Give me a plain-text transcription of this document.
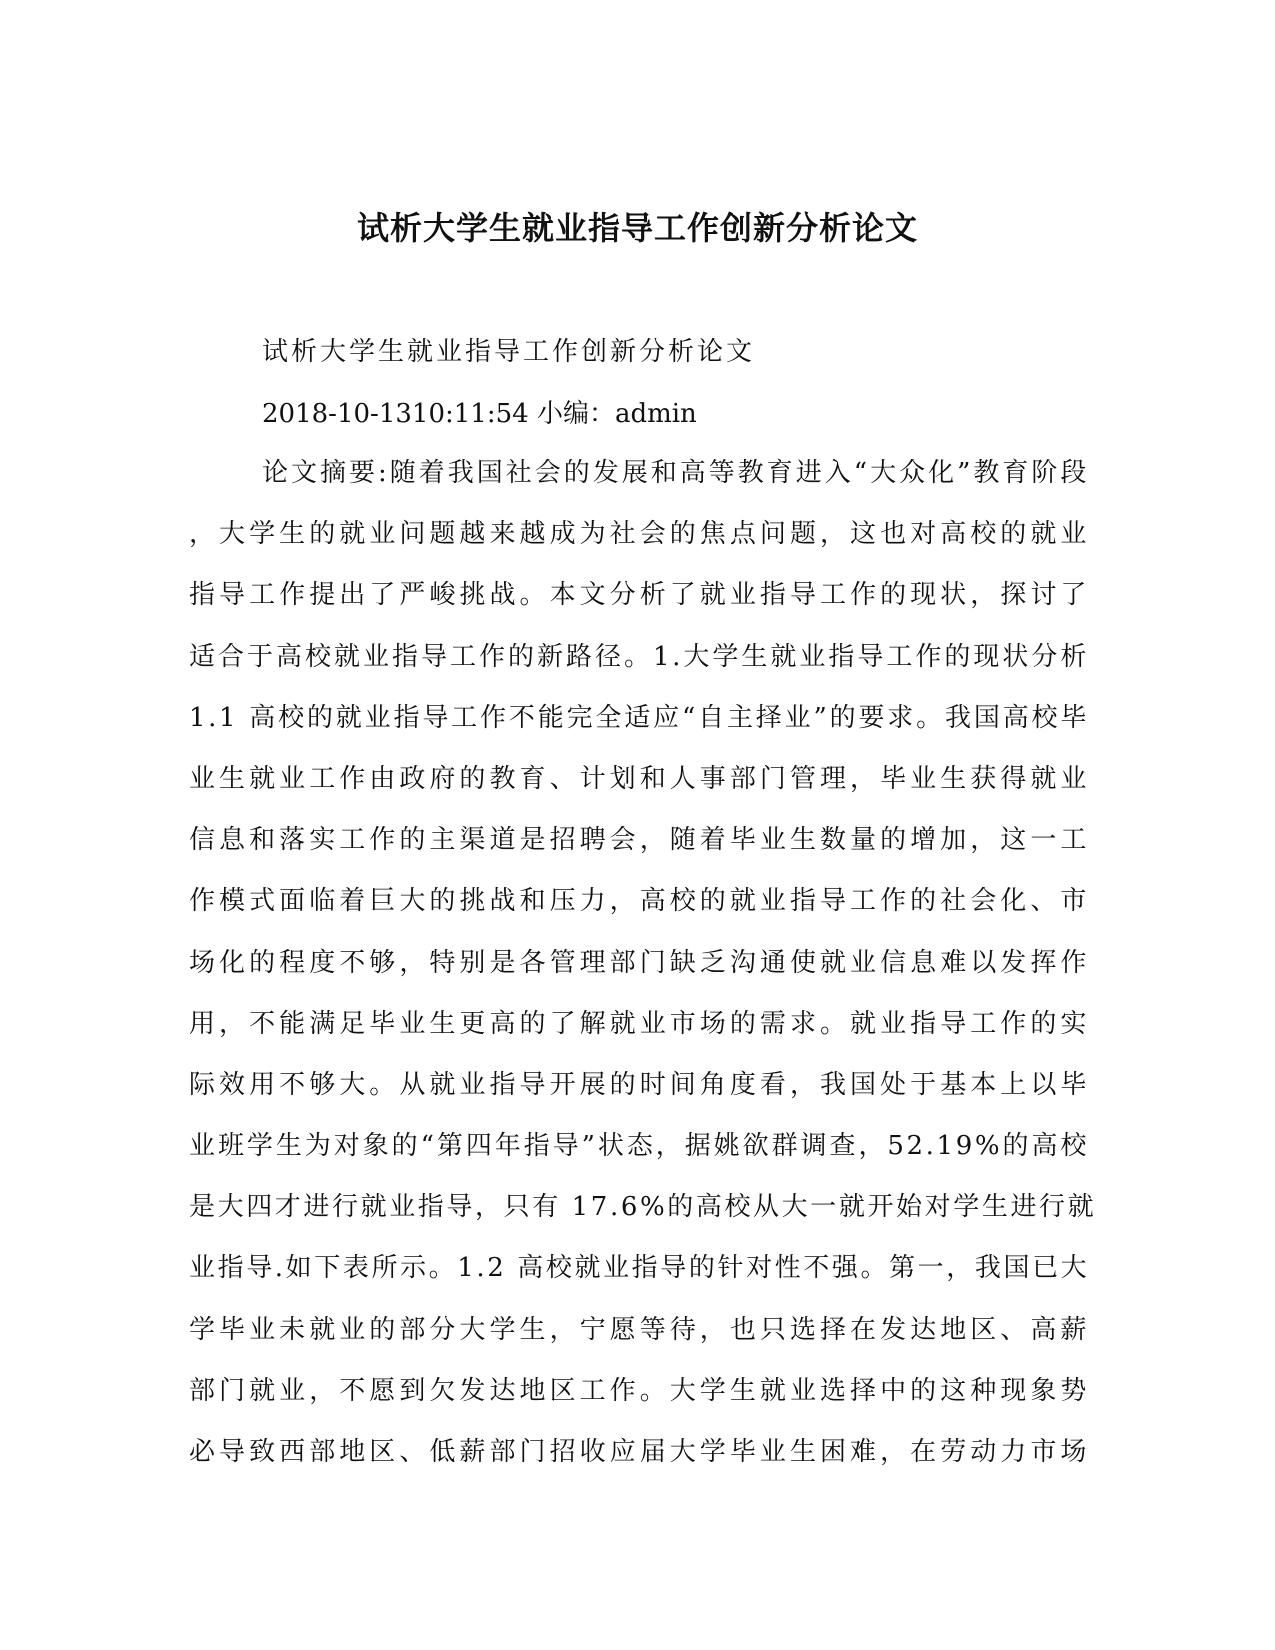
试析大学生就业指导工作创新分析论文

试析大学生就业指导工作创新分析论文

2018-10-1310:11:54 小编：admin

论文摘要:随着我国社会的发展和高等教育进入“大众化”教育阶段
，大学生的就业问题越来越成为社会的焦点问题，这也对高校的就业
指导工作提出了严峻挑战。本文分析了就业指导工作的现状，探讨了
适合于高校就业指导工作的新路径。1.大学生就业指导工作的现状分析
1.1 高校的就业指导工作不能完全适应“自主择业”的要求。我国高校毕
业生就业工作由政府的教育、计划和人事部门管理，毕业生获得就业
信息和落实工作的主渠道是招聘会，随着毕业生数量的增加，这一工
作模式面临着巨大的挑战和压力，高校的就业指导工作的社会化、市
场化的程度不够，特别是各管理部门缺乏沟通使就业信息难以发挥作
用，不能满足毕业生更高的了解就业市场的需求。就业指导工作的实
际效用不够大。从就业指导开展的时间角度看，我国处于基本上以毕
业班学生为对象的“第四年指导”状态，据姚欲群调查，52.19%的高校
是大四才进行就业指导，只有 17.6%的高校从大一就开始对学生进行就
业指导.如下表所示。1.2 高校就业指导的针对性不强。第一，我国已大
学毕业未就业的部分大学生，宁愿等待，也只选择在发达地区、高薪
部门就业，不愿到欠发达地区工作。大学生就业选择中的这种现象势
必导致西部地区、低薪部门招收应届大学毕业生困难，在劳动力市场
